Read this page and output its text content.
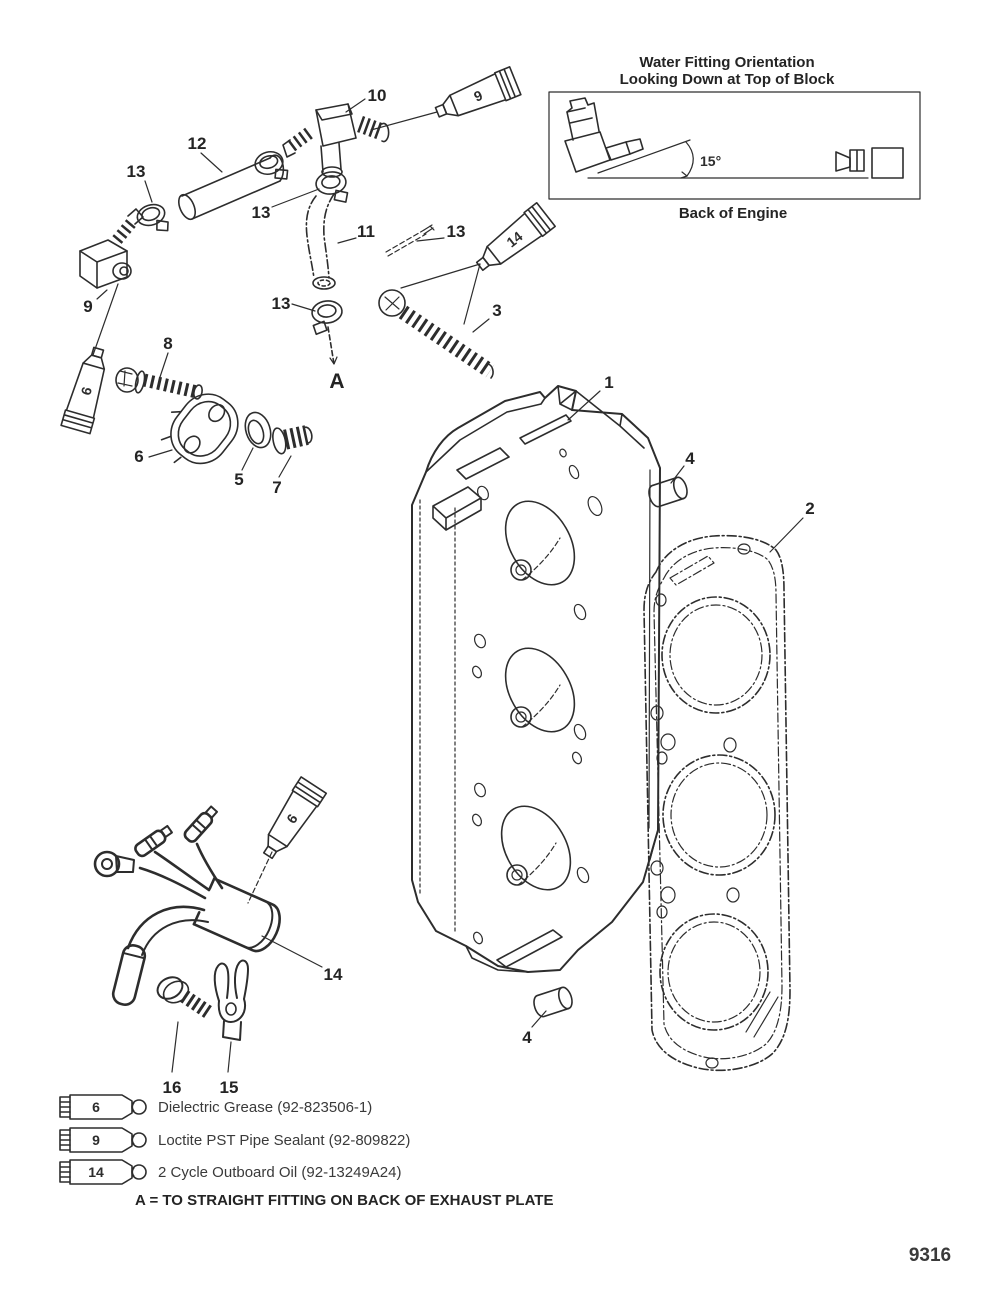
Water Fitting Orientation
Looking Down at Top of Block
15°
Back of Engine
10	9
12
13
13
11	13	14
3
9
9
8
13
A
6
5 7
1
4
2
4
14
6
16 15
6	Dielectric Grease (92-823506-1)
9	Loctite PST Pipe Sealant (92-809822)
14	2 Cycle Outboard Oil (92-13249A24)
A = TO STRAIGHT FITTING ON BACK OF EXHAUST PLATE
9316
